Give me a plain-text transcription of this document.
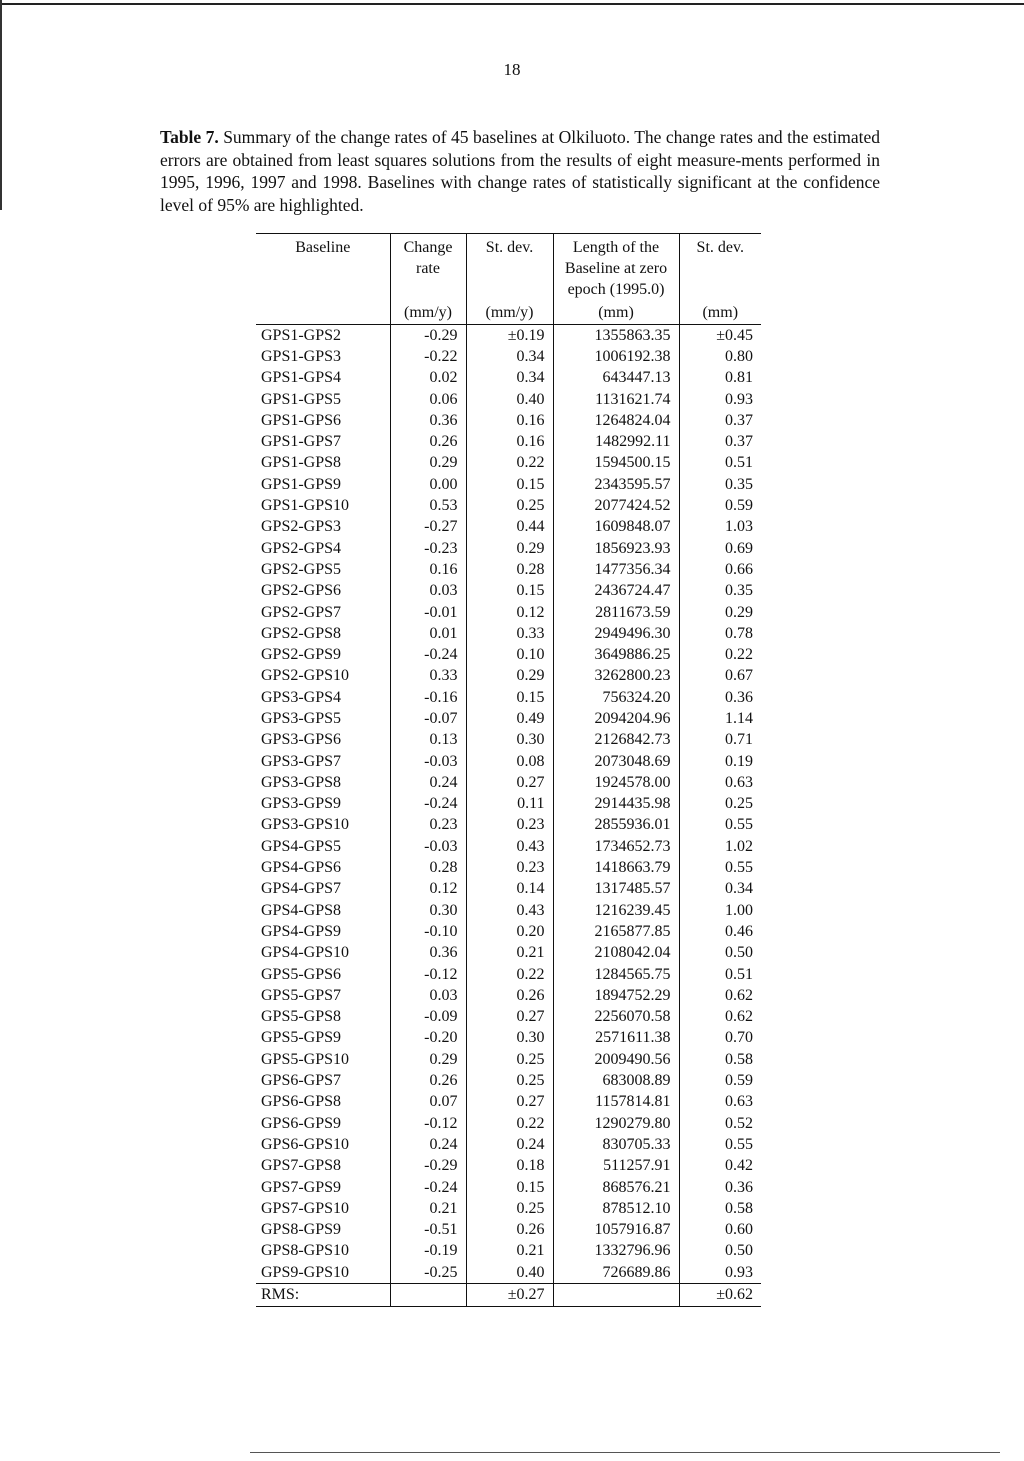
18

Table 7. Summary of the change rates of 45 baselines at Olkiluoto. The change rates and the estimated errors are obtained from least squares solutions from the results of eight measure-ments performed in 1995, 1996, 1997 and 1998. Baselines with change rates of statistically significant at the confidence level of 95% are highlighted.

Baseline	Change rate	St. dev.	Length of the Baseline at zero epoch (1995.0)	St. dev.
	(mm/y)	(mm/y)	(mm)	(mm)
GPS1-GPS2	-0.29	±0.19	1355863.35	±0.45
GPS1-GPS3	-0.22	0.34	1006192.38	0.80
GPS1-GPS4	0.02	0.34	643447.13	0.81
GPS1-GPS5	0.06	0.40	1131621.74	0.93
GPS1-GPS6	0.36	0.16	1264824.04	0.37
GPS1-GPS7	0.26	0.16	1482992.11	0.37
GPS1-GPS8	0.29	0.22	1594500.15	0.51
GPS1-GPS9	0.00	0.15	2343595.57	0.35
GPS1-GPS10	0.53	0.25	2077424.52	0.59
GPS2-GPS3	-0.27	0.44	1609848.07	1.03
GPS2-GPS4	-0.23	0.29	1856923.93	0.69
GPS2-GPS5	0.16	0.28	1477356.34	0.66
GPS2-GPS6	0.03	0.15	2436724.47	0.35
GPS2-GPS7	-0.01	0.12	2811673.59	0.29
GPS2-GPS8	0.01	0.33	2949496.30	0.78
GPS2-GPS9	-0.24	0.10	3649886.25	0.22
GPS2-GPS10	0.33	0.29	3262800.23	0.67
GPS3-GPS4	-0.16	0.15	756324.20	0.36
GPS3-GPS5	-0.07	0.49	2094204.96	1.14
GPS3-GPS6	0.13	0.30	2126842.73	0.71
GPS3-GPS7	-0.03	0.08	2073048.69	0.19
GPS3-GPS8	0.24	0.27	1924578.00	0.63
GPS3-GPS9	-0.24	0.11	2914435.98	0.25
GPS3-GPS10	0.23	0.23	2855936.01	0.55
GPS4-GPS5	-0.03	0.43	1734652.73	1.02
GPS4-GPS6	0.28	0.23	1418663.79	0.55
GPS4-GPS7	0.12	0.14	1317485.57	0.34
GPS4-GPS8	0.30	0.43	1216239.45	1.00
GPS4-GPS9	-0.10	0.20	2165877.85	0.46
GPS4-GPS10	0.36	0.21	2108042.04	0.50
GPS5-GPS6	-0.12	0.22	1284565.75	0.51
GPS5-GPS7	0.03	0.26	1894752.29	0.62
GPS5-GPS8	-0.09	0.27	2256070.58	0.62
GPS5-GPS9	-0.20	0.30	2571611.38	0.70
GPS5-GPS10	0.29	0.25	2009490.56	0.58
GPS6-GPS7	0.26	0.25	683008.89	0.59
GPS6-GPS8	0.07	0.27	1157814.81	0.63
GPS6-GPS9	-0.12	0.22	1290279.80	0.52
GPS6-GPS10	0.24	0.24	830705.33	0.55
GPS7-GPS8	-0.29	0.18	511257.91	0.42
GPS7-GPS9	-0.24	0.15	868576.21	0.36
GPS7-GPS10	0.21	0.25	878512.10	0.58
GPS8-GPS9	-0.51	0.26	1057916.87	0.60
GPS8-GPS10	-0.19	0.21	1332796.96	0.50
GPS9-GPS10	-0.25	0.40	726689.86	0.93
RMS:		±0.27		±0.62
